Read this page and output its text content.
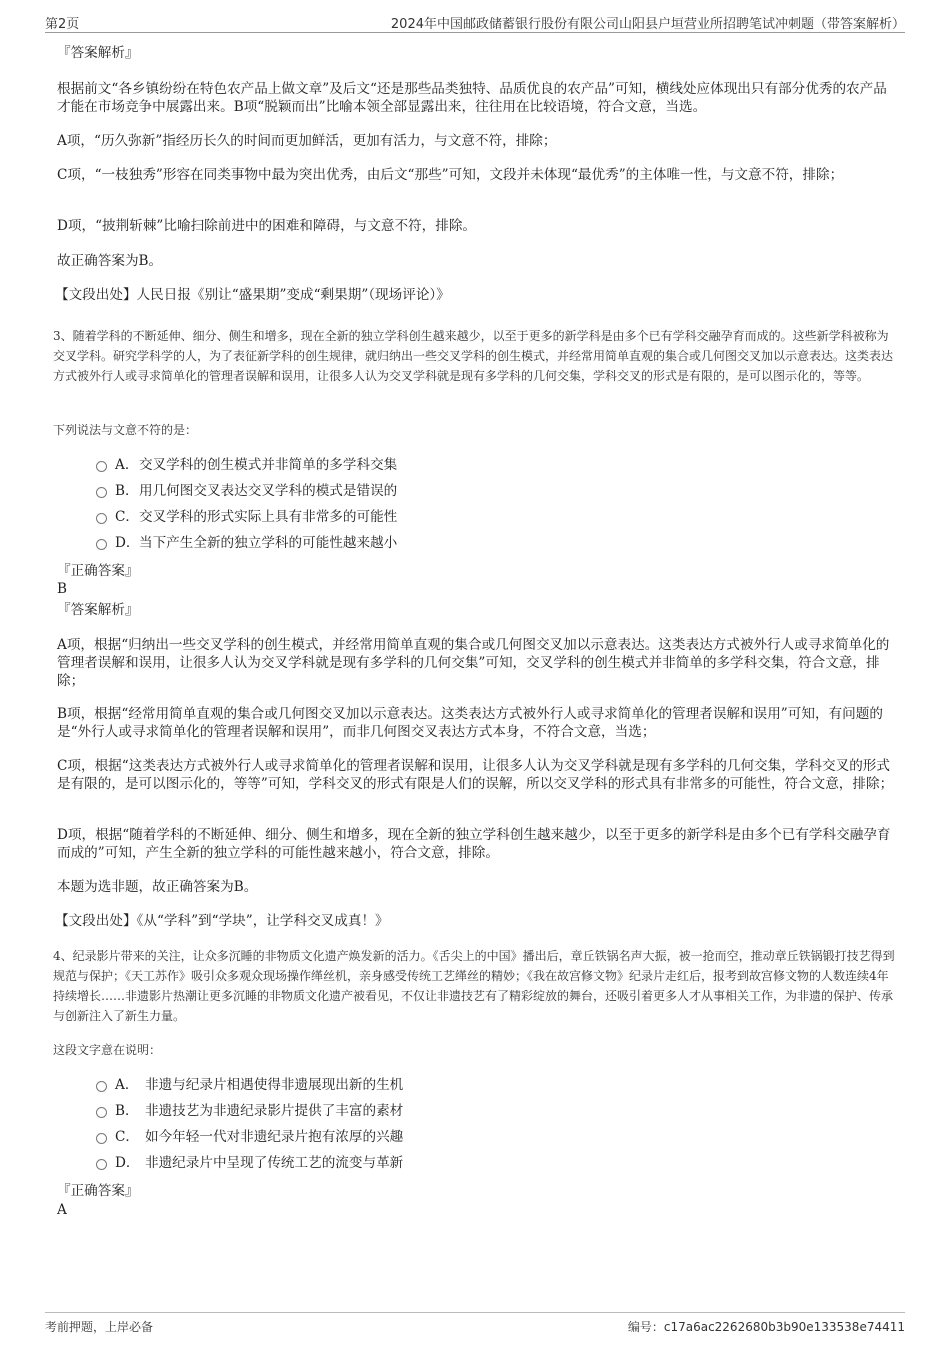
第2页	2024年中国邮政储蓄银行股份有限公司山阳县户垣营业所招聘笔试冲刺题（带答案解析）
『答案解析』
根据前文“各乡镇纷纷在特色农产品上做文章”及后文“还是那些品类独特、品质优良的农产品”可知，横线处应体现出只有部分优秀的农产品才能在市场竞争中展露出来。B项“脱颖而出”比喻本领全部显露出来，往往用在比较语境，符合文意，当选。
A项，“历久弥新”指经历长久的时间而更加鲜活，更加有活力，与文意不符，排除；
C项，“一枝独秀”形容在同类事物中最为突出优秀，由后文“那些”可知，文段并未体现“最优秀”的主体唯一性，与文意不符，排除；
D项，“披荆斩棘”比喻扫除前进中的困难和障碍，与文意不符，排除。
故正确答案为B。
【文段出处】人民日报《别让“盛果期”变成“剩果期”（现场评论）》
3、随着学科的不断延伸、细分、侧生和增多，现在全新的独立学科创生越来越少，以至于更多的新学科是由多个已有学科交融孕育而成的。这些新学科被称为交叉学科。研究学科学的人，为了表征新学科的创生规律，就归纳出一些交叉学科的创生模式，并经常用简单直观的集合或几何图交叉加以示意表达。这类表达方式被外行人或寻求简单化的管理者误解和误用，让很多人认为交叉学科就是现有多学科的几何交集，学科交叉的形式是有限的，是可以图示化的，等等。
下列说法与文意不符的是：
A．交叉学科的创生模式并非简单的多学科交集
B．用几何图交叉表达交叉学科的模式是错误的
C．交叉学科的形式实际上具有非常多的可能性
D．当下产生全新的独立学科的可能性越来越小
『正确答案』
B
『答案解析』
A项，根据“归纳出一些交叉学科的创生模式，并经常用简单直观的集合或几何图交叉加以示意表达。这类表达方式被外行人或寻求简单化的管理者误解和误用，让很多人认为交叉学科就是现有多学科的几何交集”可知，交叉学科的创生模式并非简单的多学科交集，符合文意，排除；
B项，根据“经常用简单直观的集合或几何图交叉加以示意表达。这类表达方式被外行人或寻求简单化的管理者误解和误用”可知，有问题的是“外行人或寻求简单化的管理者误解和误用”，而非几何图交叉表达方式本身，不符合文意，当选；
C项，根据“这类表达方式被外行人或寻求简单化的管理者误解和误用，让很多人认为交叉学科就是现有多学科的几何交集，学科交叉的形式是有限的，是可以图示化的，等等”可知，学科交叉的形式有限是人们的误解，所以交叉学科的形式具有非常多的可能性，符合文意，排除；
D项，根据“随着学科的不断延伸、细分、侧生和增多，现在全新的独立学科创生越来越少，以至于更多的新学科是由多个已有学科交融孕育而成的”可知，产生全新的独立学科的可能性越来越小，符合文意，排除。
本题为选非题，故正确答案为B。
【文段出处】《从“学科”到“学块”，让学科交叉成真！》
4、纪录影片带来的关注，让众多沉睡的非物质文化遗产焕发新的活力。《舌尖上的中国》播出后，章丘铁锅名声大振，被一抢而空，推动章丘铁锅锻打技艺得到规范与保护；《天工苏作》吸引众多观众现场操作缂丝机，亲身感受传统工艺缂丝的精妙；《我在故宫修文物》纪录片走红后，报考到故宫修文物的人数连续4年持续增长……非遗影片热潮让更多沉睡的非物质文化遗产被看见，不仅让非遗技艺有了精彩绽放的舞台，还吸引着更多人才从事相关工作，为非遗的保护、传承与创新注入了新生力量。
这段文字意在说明：
A． 非遗与纪录片相遇使得非遗展现出新的生机
B． 非遗技艺为非遗纪录影片提供了丰富的素材
C． 如今年轻一代对非遗纪录片抱有浓厚的兴趣
D． 非遗纪录片中呈现了传统工艺的流变与革新
『正确答案』
A
考前押题，上岸必备	编号：c17a6ac2262680b3b90e133538e74411
